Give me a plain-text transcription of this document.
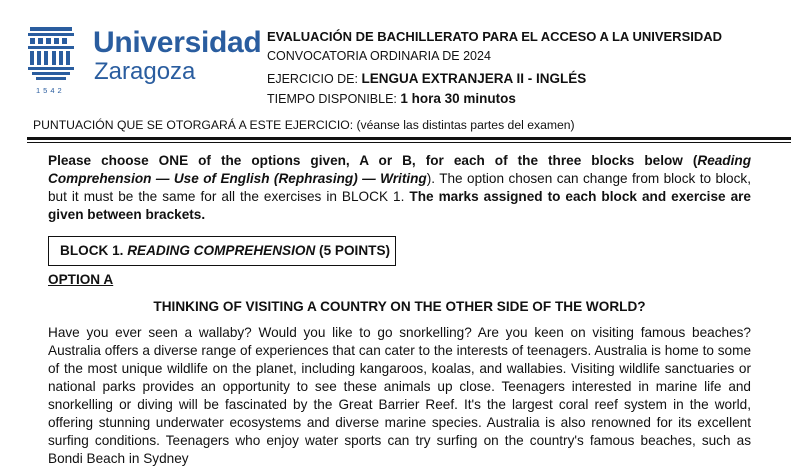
Universidad
Zaragoza
1542
EVALUACIÓN DE BACHILLERATO PARA EL ACCESO A LA UNIVERSIDAD
CONVOCATORIA ORDINARIA DE 2024
EJERCICIO DE: LENGUA EXTRANJERA II - INGLÉS
TIEMPO DISPONIBLE: 1 hora 30 minutos
PUNTUACIÓN QUE SE OTORGARÁ A ESTE EJERCICIO: (véanse las distintas partes del examen)
Please choose ONE of the options given, A or B, for each of the three blocks below (Reading Comprehension — Use of English (Rephrasing) — Writing). The option chosen can change from block to block, but it must be the same for all the exercises in BLOCK 1. The marks assigned to each block and exercise are given between brackets.
BLOCK 1. READING COMPREHENSION (5 POINTS)
OPTION A
THINKING OF VISITING A COUNTRY ON THE OTHER SIDE OF THE WORLD?
Have you ever seen a wallaby? Would you like to go snorkelling? Are you keen on visiting famous beaches? Australia offers a diverse range of experiences that can cater to the interests of teenagers. Australia is home to some of the most unique wildlife on the planet, including kangaroos, koalas, and wallabies. Visiting wildlife sanctuaries or national parks provides an opportunity to see these animals up close. Teenagers interested in marine life and snorkelling or diving will be fascinated by the Great Barrier Reef. It's the largest coral reef system in the world, offering stunning underwater ecosystems and diverse marine species. Australia is also renowned for its excellent surfing conditions. Teenagers who enjoy water sports can try surfing on the country's famous beaches, such as Bondi Beach in Sydney
